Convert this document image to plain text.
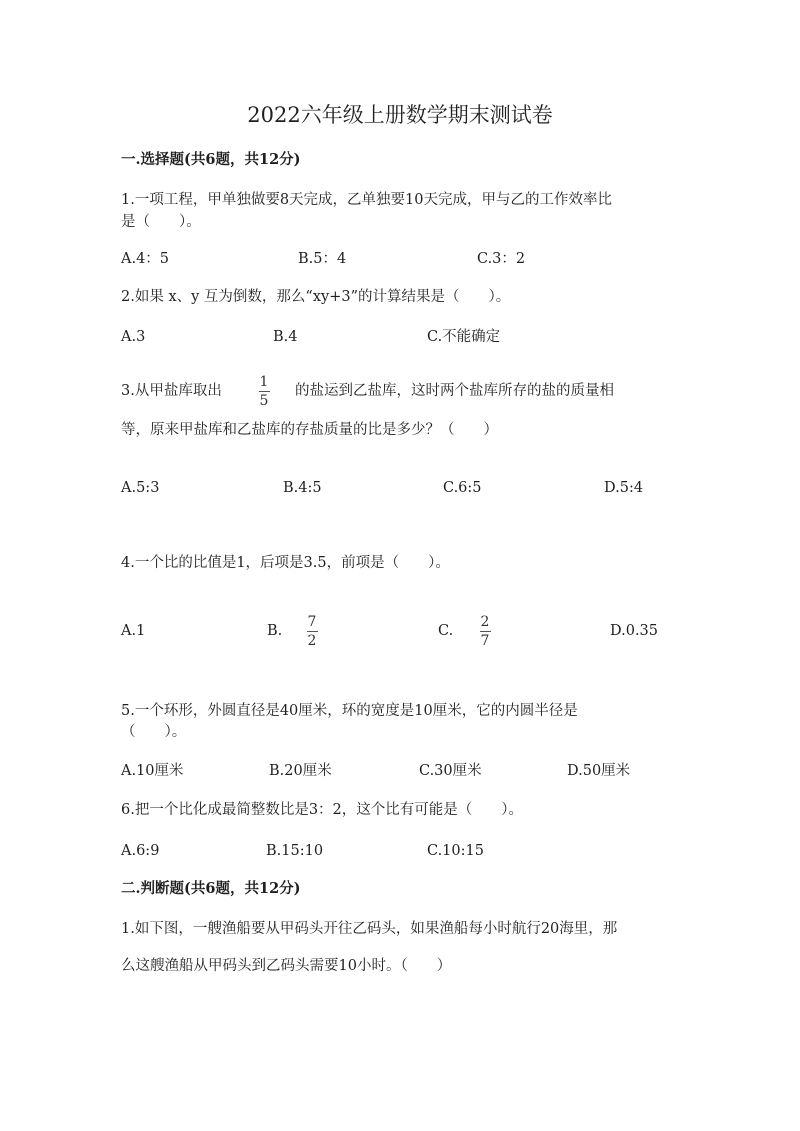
2022六年级上册数学期末测试卷
一.选择题(共6题，共12分)
1.一项工程，甲单独做要8天完成，乙单独要10天完成，甲与乙的工作效率比
是（　　）。
A.4：5	B.5：4	C.3：2
2.如果 x、y 互为倒数，那么“xy+3”的计算结果是（　　）。
A.3	B.4	C.不能确定
3.从甲盐库取出
1
5
的盐运到乙盐库，这时两个盐库所存的盐的质量相
等，原来甲盐库和乙盐库的存盐质量的比是多少？（　　）
A.5:3	B.4:5	C.6:5	D.5:4
4.一个比的比值是1，后项是3.5，前项是（　　）。
A.1	B.
7
2
C.
2
7
D.0.35
5.一个环形，外圆直径是40厘米，环的宽度是10厘米，它的内圆半径是
（　　）。
A.10厘米	B.20厘米	C.30厘米	D.50厘米
6.把一个比化成最简整数比是3：2，这个比有可能是（　　）。
A.6:9	B.15:10	C.10:15
二.判断题(共6题，共12分)
1.如下图，一艘渔船要从甲码头开往乙码头，如果渔船每小时航行20海里，那
么这艘渔船从甲码头到乙码头需要10小时。（　　）
